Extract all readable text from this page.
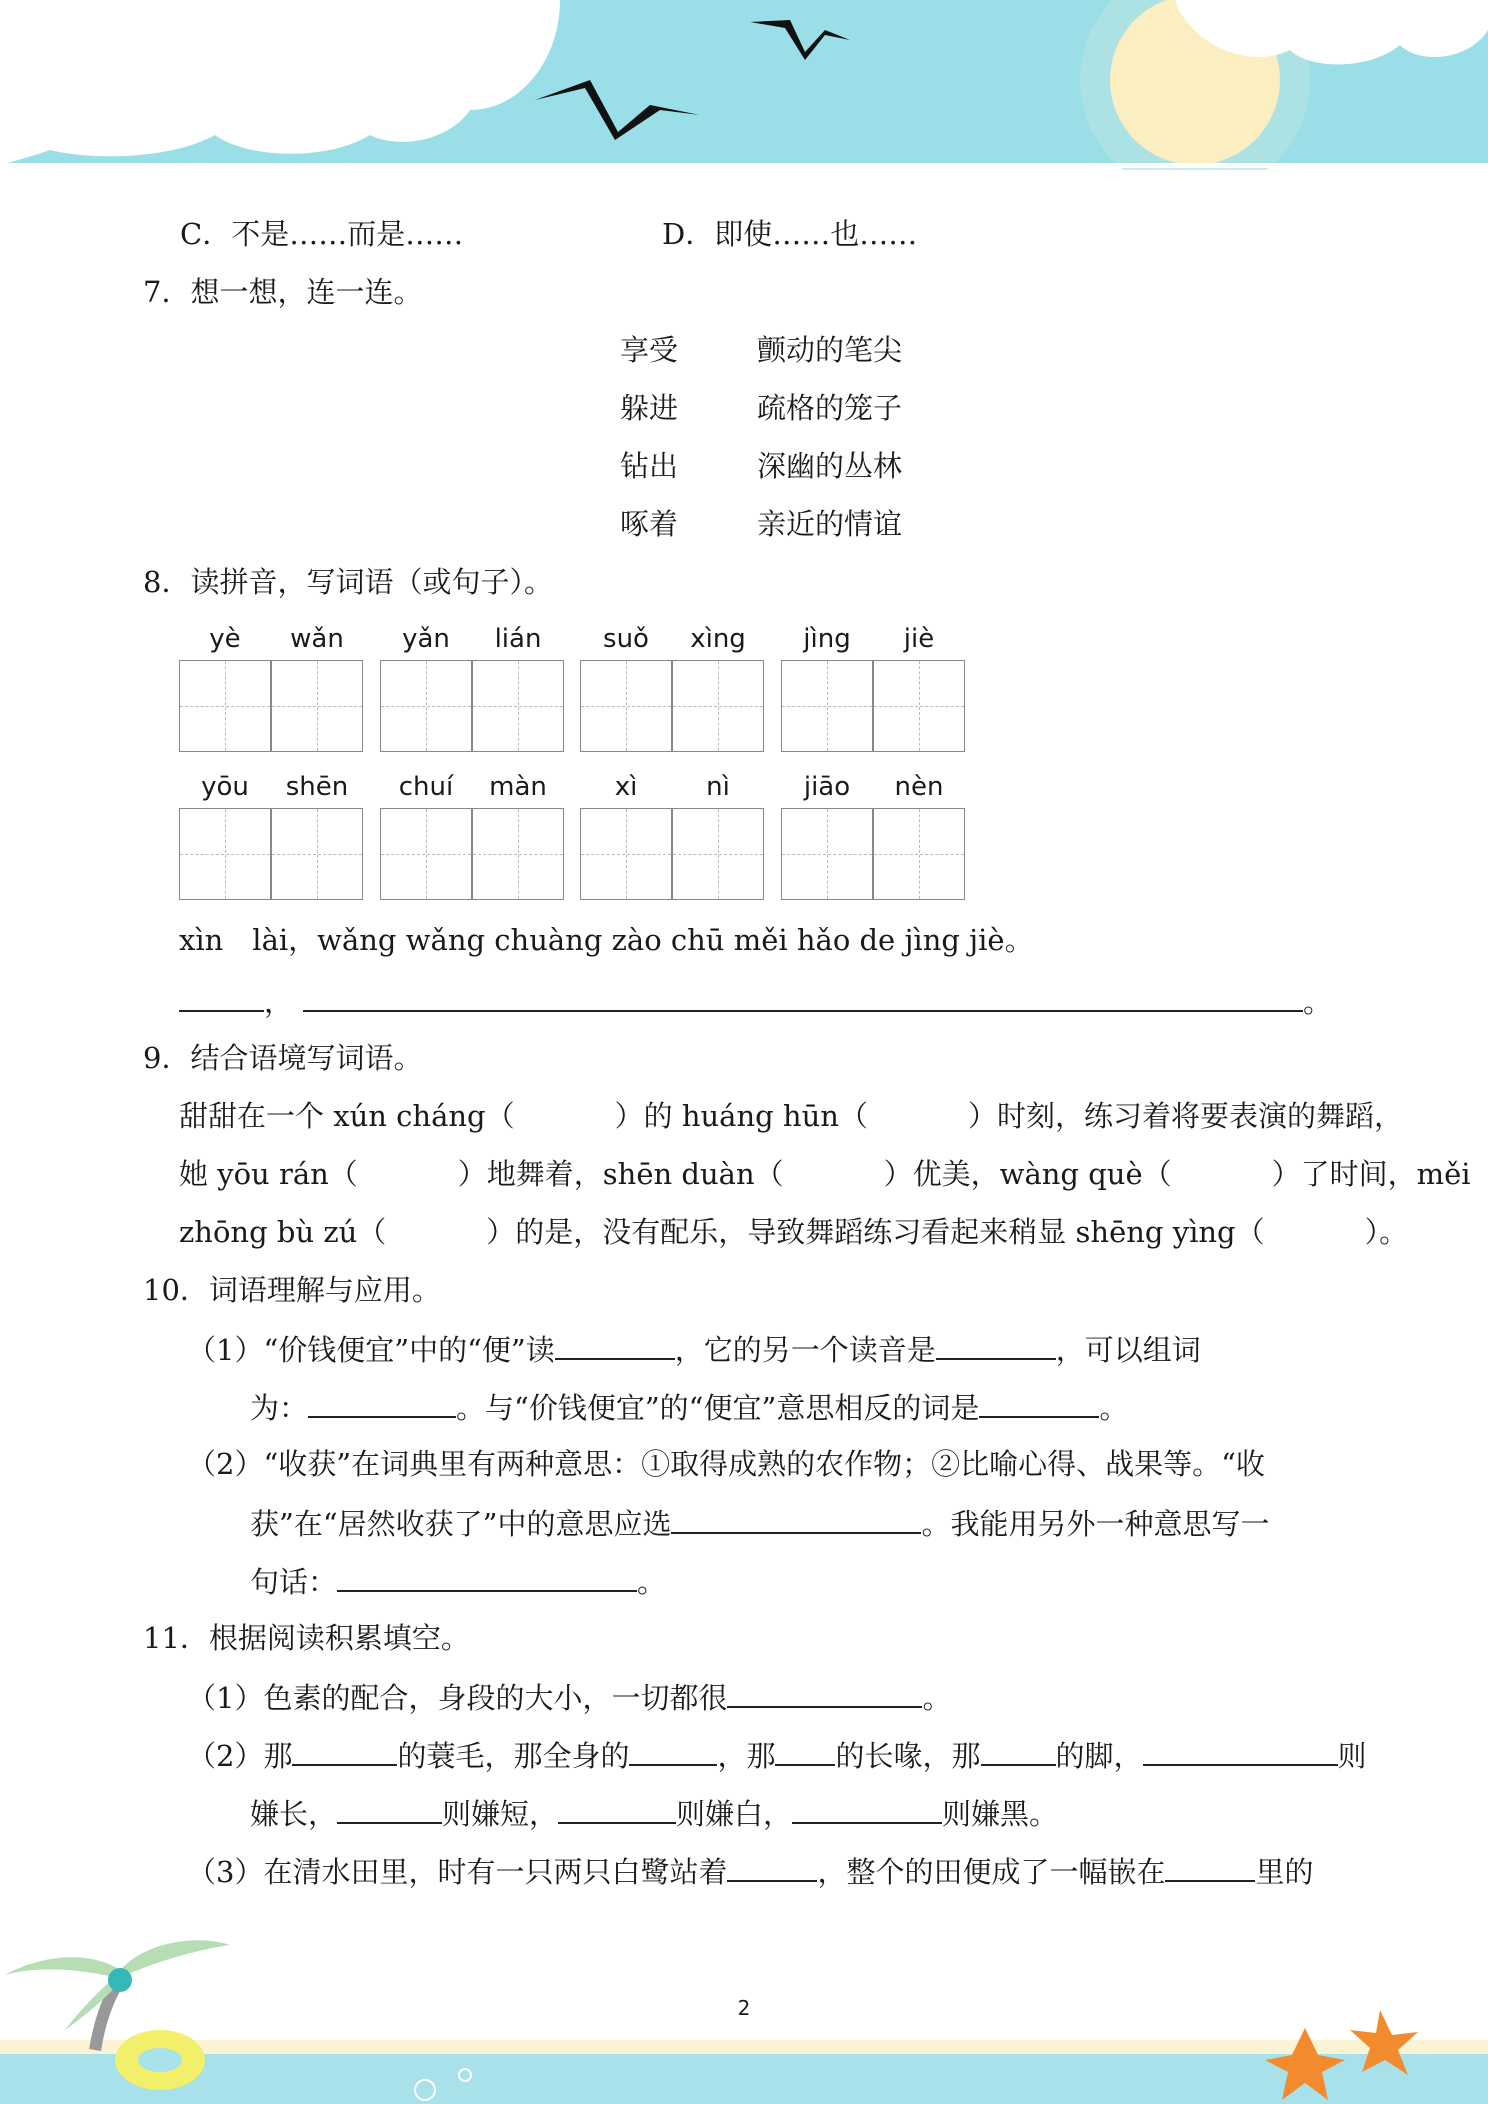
C．不是……而是……	D．即使……也……
7．想一想，连一连。
享受	颤动的笔尖
躲进	疏格的笼子
钻出	深幽的丛林
啄着	亲近的情谊
8．读拼音，写词语（或句子）。
yè	wǎn	yǎn	lián	suǒ	xìng	jìng	jiè
yōu	shēn	chuí	màn	xì	nì	jiāo	nèn
xìn　lài，wǎng wǎng chuàng zào chū měi hǎo de jìng jiè。
，	。
9．结合语境写词语。
甜甜在一个 xún cháng（	）的 huáng hūn（	）时刻，练习着将要表演的舞蹈，
她 yōu rán（	）地舞着，shēn duàn（	）优美，wàng què（	）了时间，měi
zhōng bù zú（	）的是，没有配乐，导致舞蹈练习看起来稍显 shēng yìng（	）。
10．词语理解与应用。
（1）“价钱便宜”中的“便”读	，它的另一个读音是	，可以组词
为：	。与“价钱便宜”的“便宜”意思相反的词是	。
（2）“收获”在词典里有两种意思：①取得成熟的农作物；②比喻心得、战果等。“收
获”在“居然收获了”中的意思应选	。我能用另外一种意思写一
句话：	。
11．根据阅读积累填空。
（1）色素的配合，身段的大小，一切都很	。
（2）那	的蓑毛，那全身的	，那 的长喙，那	的脚，	则
嫌长，	则嫌短，	则嫌白，	则嫌黑。
（3）在清水田里，时有一只两只白鹭站着	，整个的田便成了一幅嵌在	里的
2
